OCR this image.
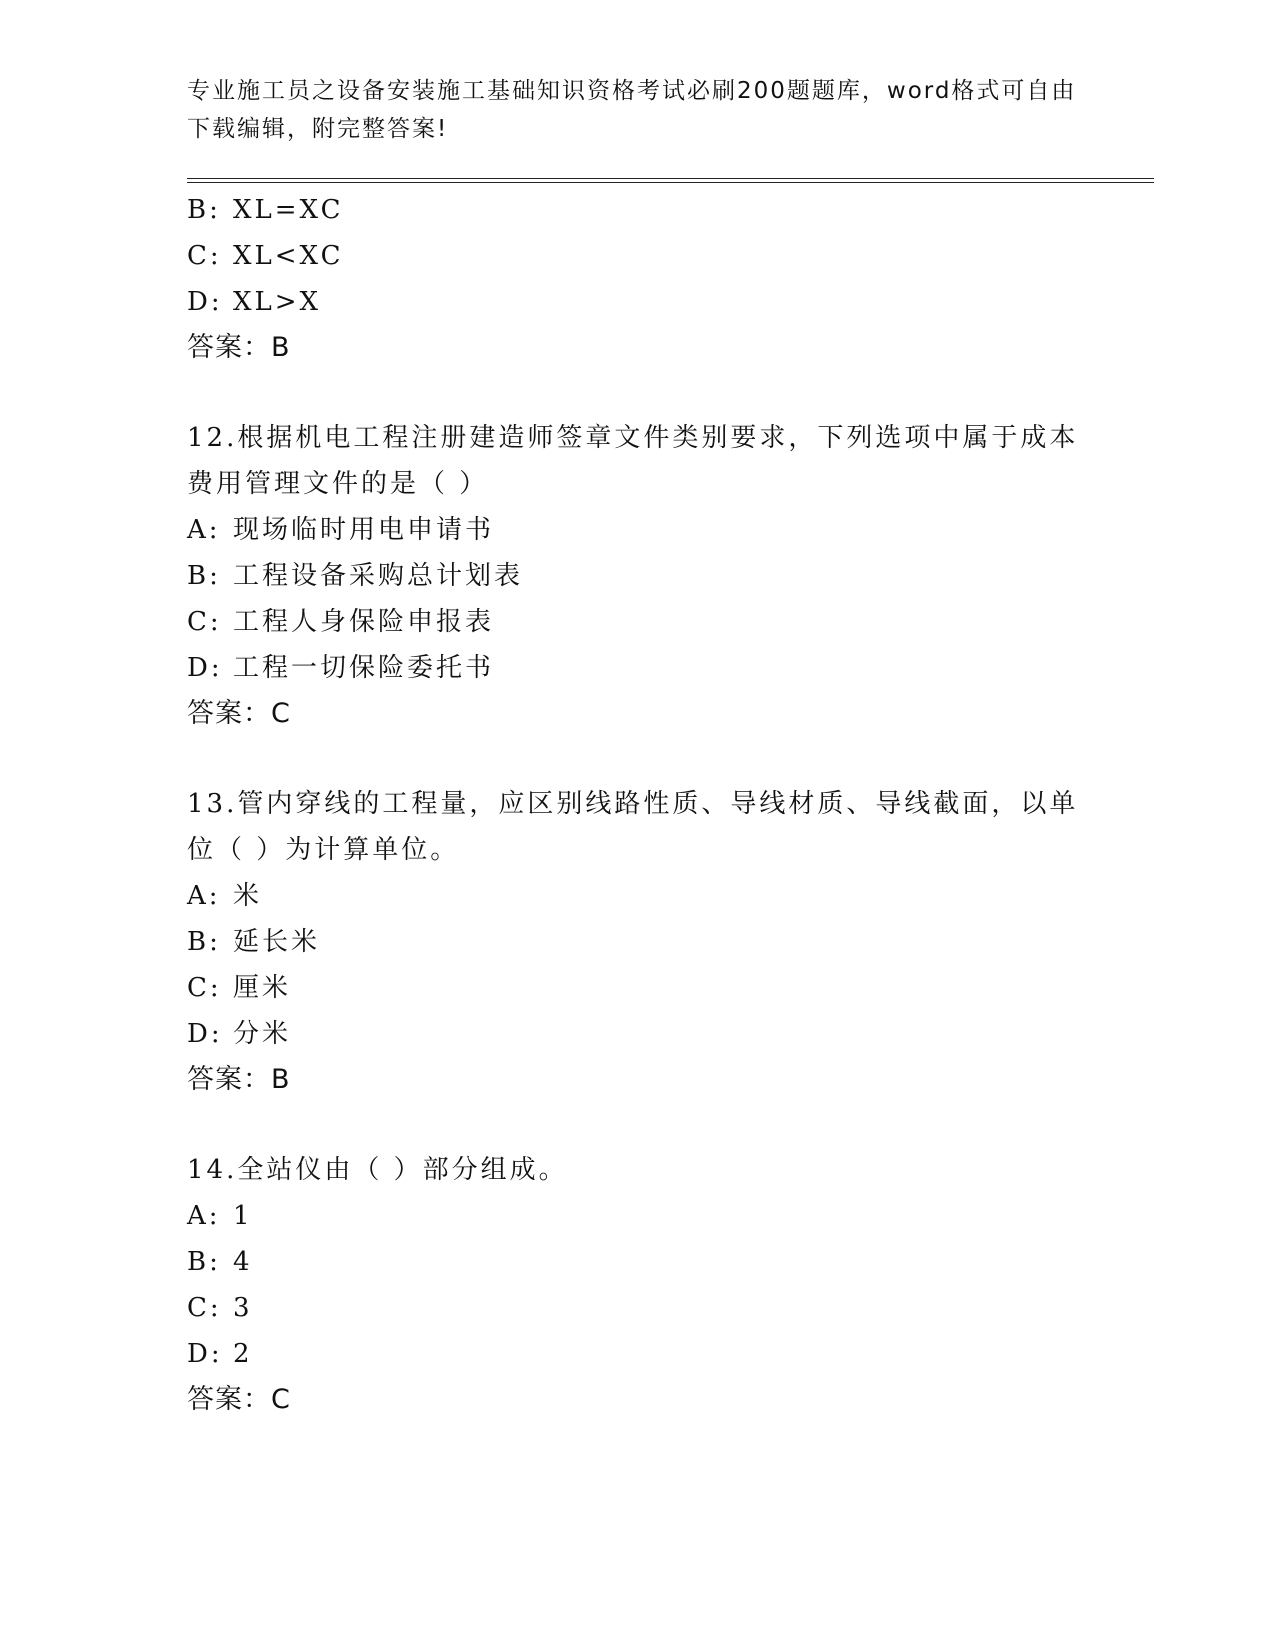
专业施工员之设备安装施工基础知识资格考试必刷200题题库，word格式可自由
下载编辑，附完整答案!
B: XL=XC
C: XL<XC
D: XL>X
答案：B
12.根据机电工程注册建造师签章文件类别要求，下列选项中属于成本
费用管理文件的是（ ）
A: 现场临时用电申请书
B: 工程设备采购总计划表
C: 工程人身保险申报表
D: 工程一切保险委托书
答案：C
13.管内穿线的工程量，应区别线路性质、导线材质、导线截面，以单
位（ ）为计算单位。
A: 米
B: 延长米
C: 厘米
D: 分米
答案：B
14.全站仪由（ ）部分组成。
A: 1
B: 4
C: 3
D: 2
答案：C
